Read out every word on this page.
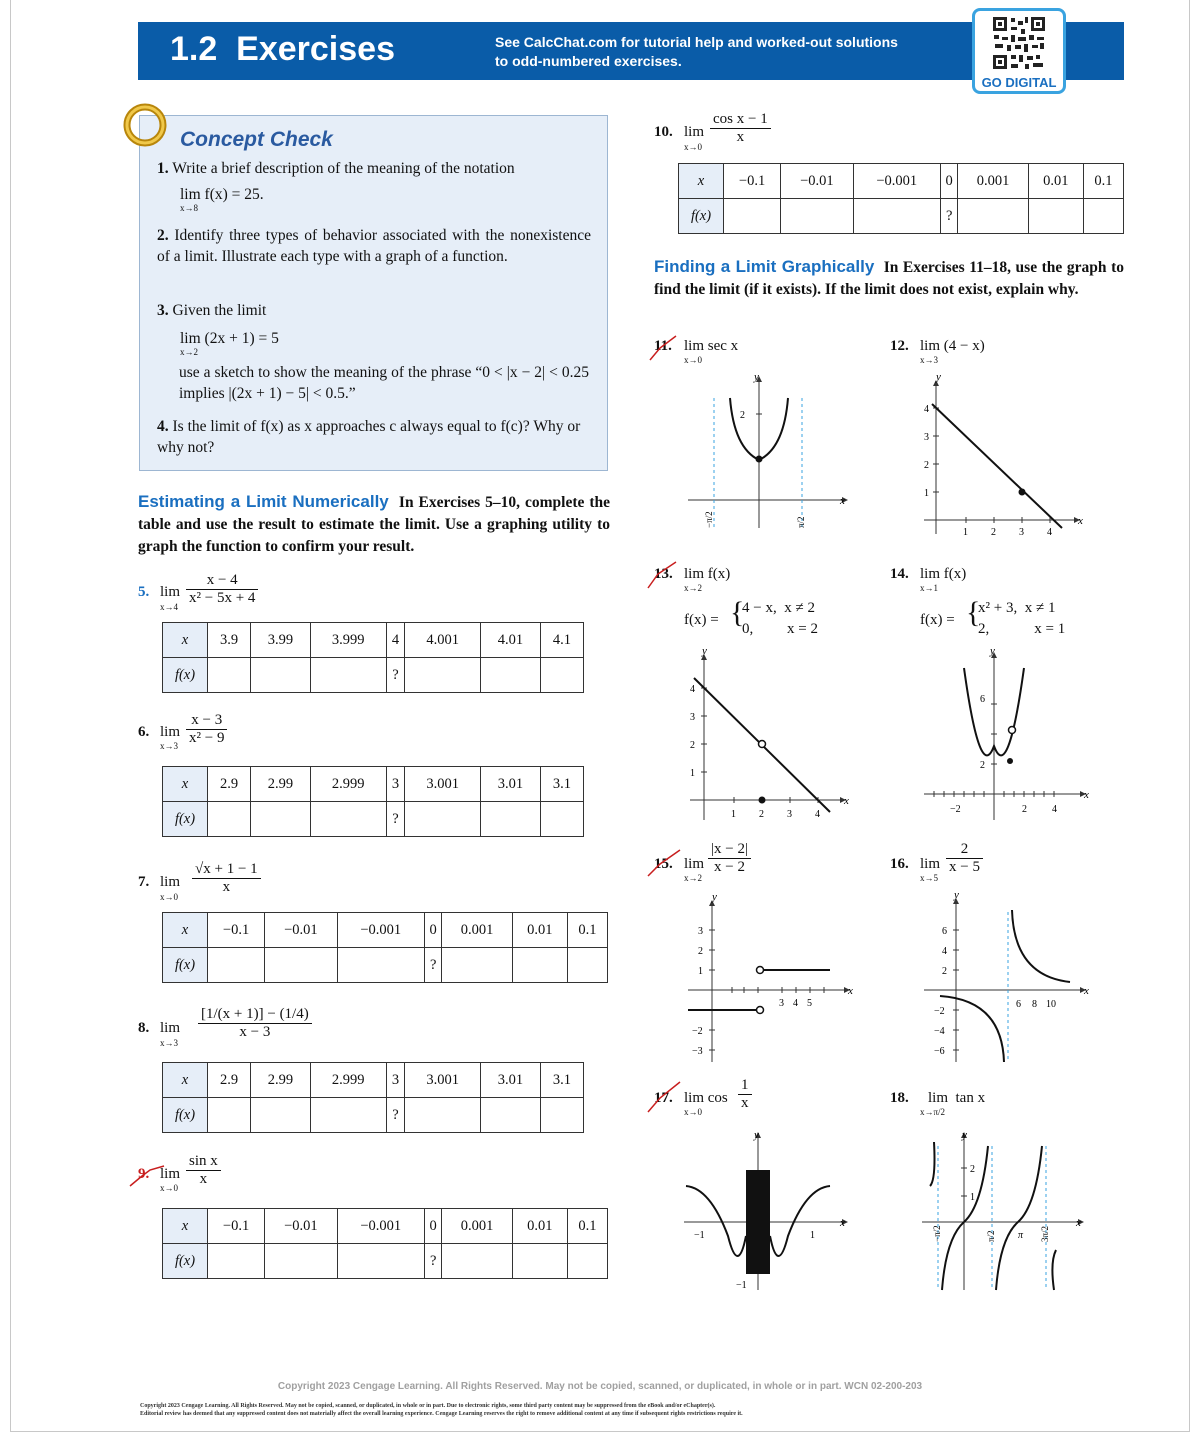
1.2 Exercises	See CalcChat.com for tutorial help and worked-out solutions
to odd-numbered exercises.
GO DIGITAL
Concept Check
1. Write a brief description of the meaning of the notation
lim f(x) = 25.
x→8
2. Identify three types of behavior associated with the nonexistence of a limit. Illustrate each type with a graph of a function.
3. Given the limit
lim (2x + 1) = 5
x→2
use a sketch to show the meaning of the phrase “0 < |x − 2| < 0.25 implies |(2x + 1) − 5| < 0.5.”
4. Is the limit of f(x) as x approaches c always equal to f(c)? Why or why not?
Estimating a Limit Numerically In Exercises 5–10, complete the table and use the result to estimate the limit. Use a graphing utility to graph the function to confirm your result.
5. lim
$x\to 4 \frac{x - 4}{\text{x² − 5x + 4}}$
x	3.9	3.99	3.999	4	4.001	4.01	4.1
f(x)				?			
6. lim
$x\to 3 \frac{x - 3}{\text{x² − 9}}$
x	2.9	2.99	2.999	3	3.001	3.01	3.1
f(x)				?			
7. lim
x→0
$\frac{√x + 1 - 1}{x}$
x	−0.1	−0.01	−0.001	0	0.001	0.01	0.1
f(x)				?			
8. lim
x→3
$\frac{[1/(x + 1)] - (1/4)}{x - 3}$
x	2.9	2.99	2.999	3	3.001	3.01	3.1
f(x)				?			
9. lim
$x\to 0 \frac{\text{sin x}}{x}$
x	−0.1	−0.01	−0.001	0	0.001	0.01	0.1
f(x)				?			
10. lim
x→0
$\frac{\text{cos x − 1}}{x}$
x	−0.1	−0.01	−0.001	0	0.001	0.01	0.1
f(x)				?			
Finding a Limit Graphically In Exercises 11–18, use the graph to find the limit (if it exists). If the limit does not exist, explain why.
11. lim sec x
x→0
x
y
2
−π/2	π/2
12. lim (4 − x)
x→3
x
y
1
2
3
4
1 2 3 4
13. lim f(x)
x→2
f(x) = {
4 − x,  x ≠ 2
0,         x = 2
x
y
1
2
3
4
1 2 3 4
14. lim f(x)
x→1
f(x) = {
x² + 3,  x ≠ 1
2,            x = 1
x
y
2
6
−2	2	4
15. lim
x→2
$\frac{|x - 2|}{x - 2}$
x
y
1
2
3
−2
−3
3 4 5
16. lim
x→5
$\frac{2}{x - 5}$
x
y
6
4
2
−2
−4
−6
6 8 10
17. lim cos
$x\to 0 \frac{1}{x}$
x
y
−1	1
−1
18. lim tan x
x→π/2
x
y
2
1
−π/2	π/2 π 3π/2
Copyright 2023 Cengage Learning. All Rights Reserved. May not be copied, scanned, or duplicated, in whole or in part. WCN 02-200-203
Copyright 2023 Cengage Learning. All Rights Reserved. May not be copied, scanned, or duplicated, in whole or in part. Due to electronic rights, some third party content may be suppressed from the eBook and/or eChapter(s).
Editorial review has deemed that any suppressed content does not materially affect the overall learning experience. Cengage Learning reserves the right to remove additional content at any time if subsequent rights restrictions require it.
